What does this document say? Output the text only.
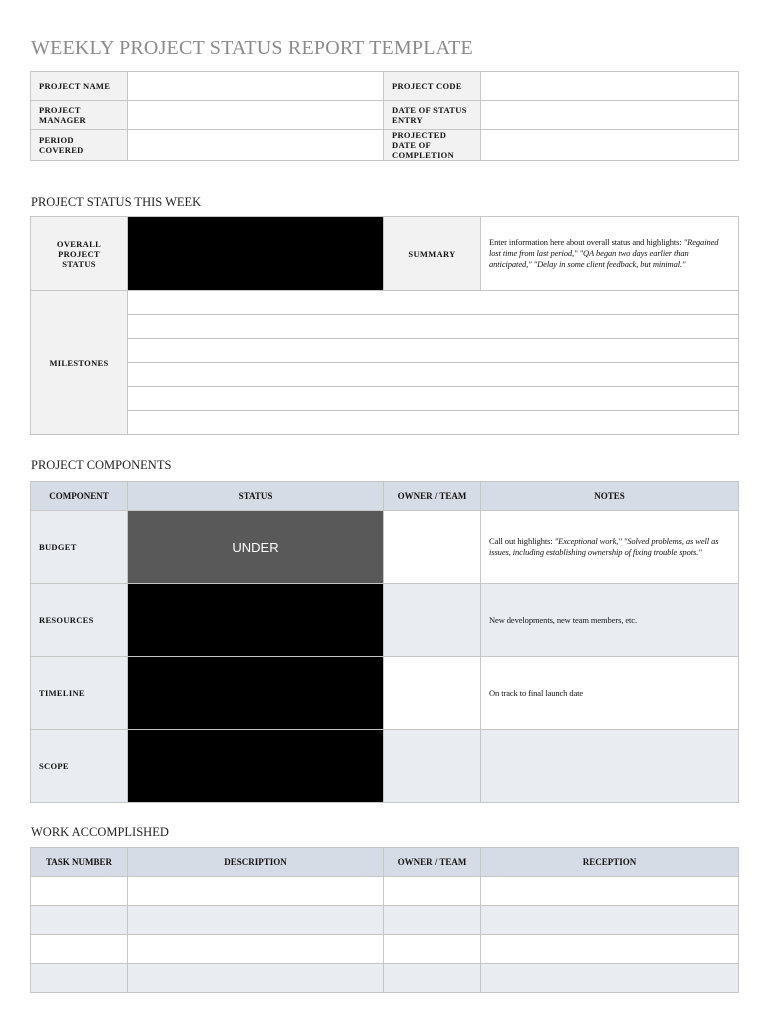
WEEKLY PROJECT STATUS REPORT TEMPLATE
PROJECT NAME		PROJECT CODE	
PROJECT MANAGER		DATE OF STATUS ENTRY	
PERIOD COVERED		PROJECTED DATE OF COMPLETION	
PROJECT STATUS THIS WEEK
OVERALL PROJECT STATUS		SUMMARY	Enter information here about overall status and highlights: "Regained lost time from last period," "QA began two days earlier than anticipated," "Delay in some client feedback, but minimal."
MILESTONES			

PROJECT COMPONENTS
COMPONENT	STATUS	OWNER / TEAM	NOTES
BUDGET	UNDER		Call out highlights: "Exceptional work," "Solved problems, as well as issues, including establishing ownership of fixing trouble spots."
RESOURCES			New developments, new team members, etc.
TIMELINE			On track to final launch date
SCOPE			
WORK ACCOMPLISHED
TASK NUMBER	DESCRIPTION	OWNER / TEAM	RECEPTION
